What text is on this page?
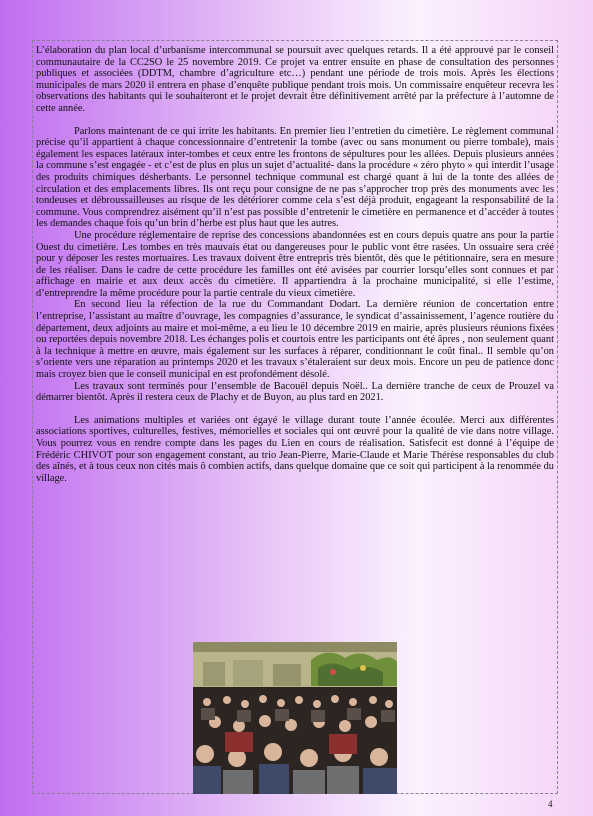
L’élaboration du plan local d’urbanisme intercommunal se poursuit avec quelques retards. Il a été approuvé par le conseil communautaire de la CC2SO le 25 novembre 2019. Ce projet va entrer ensuite en phase de consultation des personnes publiques et associées (DDTM, chambre d’agriculture etc…) pendant une période de trois mois. Après les élections municipales de mars 2020 il entrera en phase d’enquête publique pendant trois mois. Un commissaire enquêteur recevra les observations des habitants qui le souhaiteront et le projet devrait être définitivement arrêté par la préfecture à l’automne de cette année.

Parlons maintenant de ce qui irrite les habitants. En premier lieu l’entretien du cimetière. Le règlement communal précise qu’il appartient à chaque concessionnaire d’entretenir la tombe (avec ou sans monument ou pierre tombale), mais également les espaces latéraux inter-tombes et ceux entre les frontons de sépultures pour les allées. Depuis plusieurs années la commune s’est engagée - et c’est de plus en plus un sujet d’actualité- dans la procédure « zéro phyto » qui interdit l’usage des produits chimiques désherbants. Le personnel technique communal est chargé quant à lui de la tonte des allées de circulation et des emplacements libres. Ils ont reçu pour consigne de ne pas s’approcher trop près des monuments avec les tondeuses et débroussailleuses au risque de les détériorer comme cela s’est déjà produit, engageant la responsabilité de la commune. Vous comprendrez aisément qu’il n’est pas possible d’entretenir le cimetière en permanence et d’accéder à toutes les demandes chaque fois qu’un brin d’herbe est plus haut que les autres.

Une procédure réglementaire de reprise des concessions abandonnées est en cours depuis quatre ans pour la partie Ouest du cimetière. Les tombes en très mauvais état ou dangereuses pour le public vont être rasées. Un ossuaire sera créé pour y déposer les restes mortuaires. Les travaux doivent être entrepris très bientôt, dès que le pétitionnaire, sera en mesure de les réaliser. Dans le cadre de cette procédure les familles ont été avisées par courrier lorsqu’elles sont connues et par affichage en mairie et aux deux accès du cimetière. Il appartiendra à la prochaine municipalité, si elle l’estime, d’entreprendre la même procédure pour la partie centrale du vieux cimetière.

En second lieu la réfection de la rue du Commandant Dodart. La dernière réunion de concertation entre l’entreprise, l’assistant au maître d’ouvrage, les compagnies d’assurance, le syndicat d’assainissement, l’agence routière du département, deux adjoints au maire et moi-même, a eu lieu le 10 décembre 2019 en mairie, après plusieurs réunions fixées ou reportées depuis novembre 2018. Les échanges polis et courtois entre les participants ont été âpres , non seulement quant à la technique à mettre en œuvre, mais également sur les surfaces à réparer, conditionnant le coût final.. Il semble qu’on s’oriente vers une réparation au printemps 2020 et les travaux s’étaleraient sur deux mois. Encore un peu de patience donc mais croyez bien que le conseil municipal en est profondément désolé.

Les travaux sont terminés pour l’ensemble de Bacouël depuis Noël.. La dernière tranche de ceux de Prouzel va démarrer bientôt. Après il restera ceux de Plachy et de Buyon, au plus tard en 2021.

Les animations multiples et variées ont égayé le village durant toute l’année écoulée. Merci aux différentes associations sportives, culturelles, festives, mémorielles et sociales qui ont œuvré pour la qualité de vie dans notre village. Vous pourrez vous en rendre compte dans les pages du Lien en cours de réalisation. Satisfecit est donné à l’équipe de Frédéric CHIVOT pour son engagement constant, au trio Jean-Pierre, Marie-Claude et Marie Thérèse responsables du club des aînés, et à tous ceux non cités mais ô combien actifs, dans quelque domaine que ce soit qui participent à la renommée du village.

4
